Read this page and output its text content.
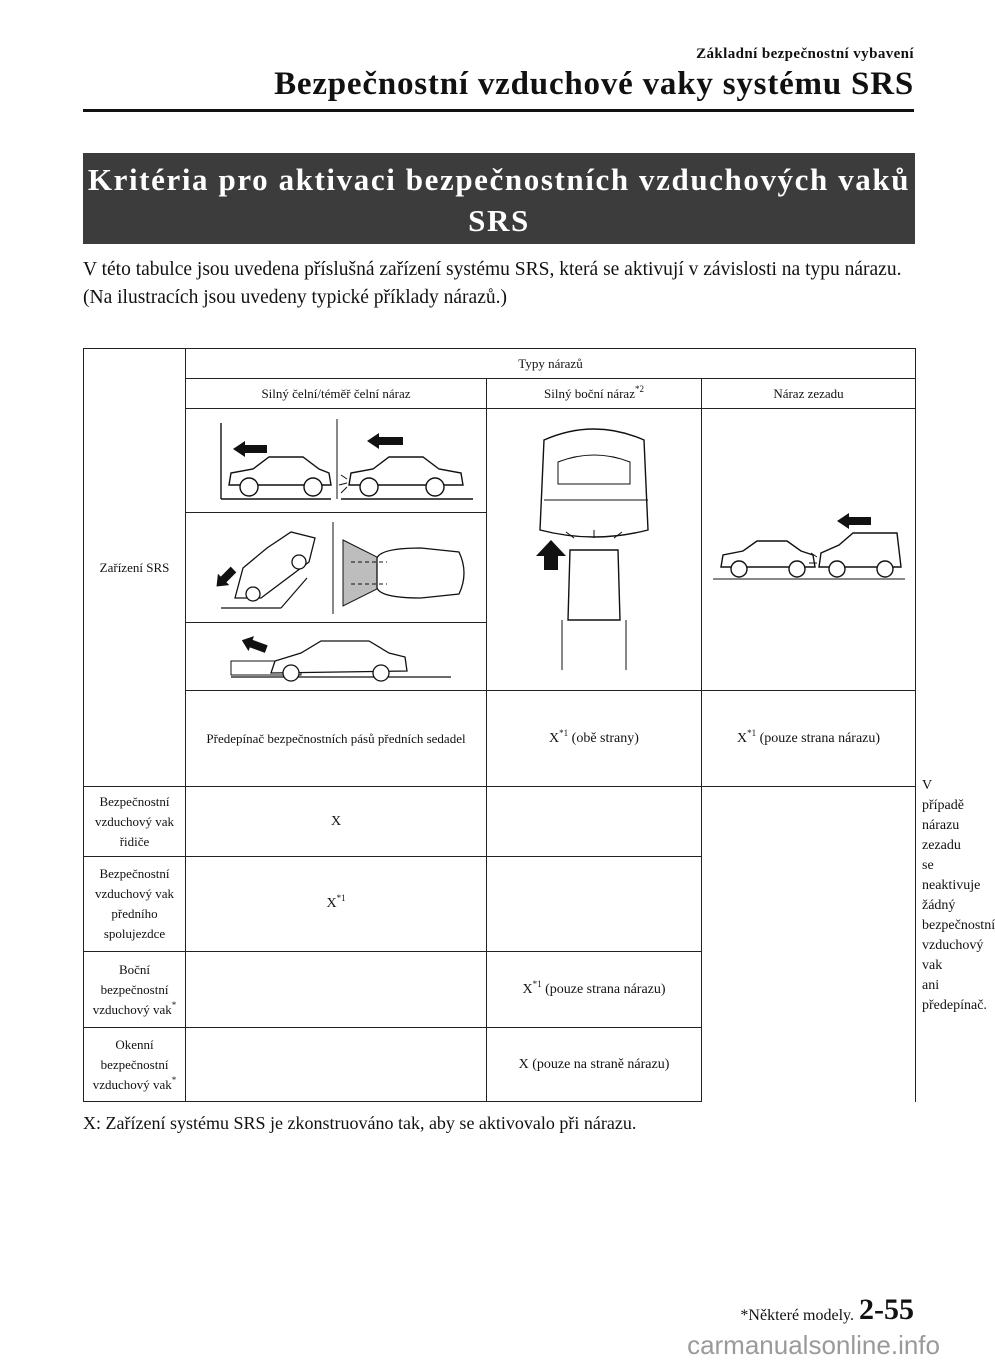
Základní bezpečnostní vybavení
Bezpečnostní vzduchové vaky systému SRS
Kritéria pro aktivaci bezpečnostních vzduchových vaků
SRS

V této tabulce jsou uvedena příslušná zařízení systému SRS, která se aktivují v závislosti na typu nárazu.

(Na ilustracích jsou uvedeny typické příklady nárazů.)

Zařízení SRS	Typy nárazů			
	Silný čelní/téměř čelní náraz	Silný boční náraz$^{*2}$	Náraz zezadu	

	Předepínač bezpečnostních pásů předních sedadel	$X^{*1}$ (obě strany)	$X^{*1}$ (pouze strana nárazu)	V případě nárazu zezadu se neaktivuje žádný bezpečnostní vzduchový vak ani předepínač.
Bezpečnostní vzduchový vak řidiče	X			
Bezpečnostní vzduchový vak předního spolujezdce	$X^{*1}$	
Boční bezpečnostní vzduchový vak*		$X^{*1}$ (pouze strana nárazu)		
Okenní bezpečnostní vzduchový vak*		X (pouze na straně nárazu)		
X: Zařízení systému SRS je zkonstruováno tak, aby se aktivovalo při nárazu.
*Některé modely. 2-55
carmanualsonline.info
